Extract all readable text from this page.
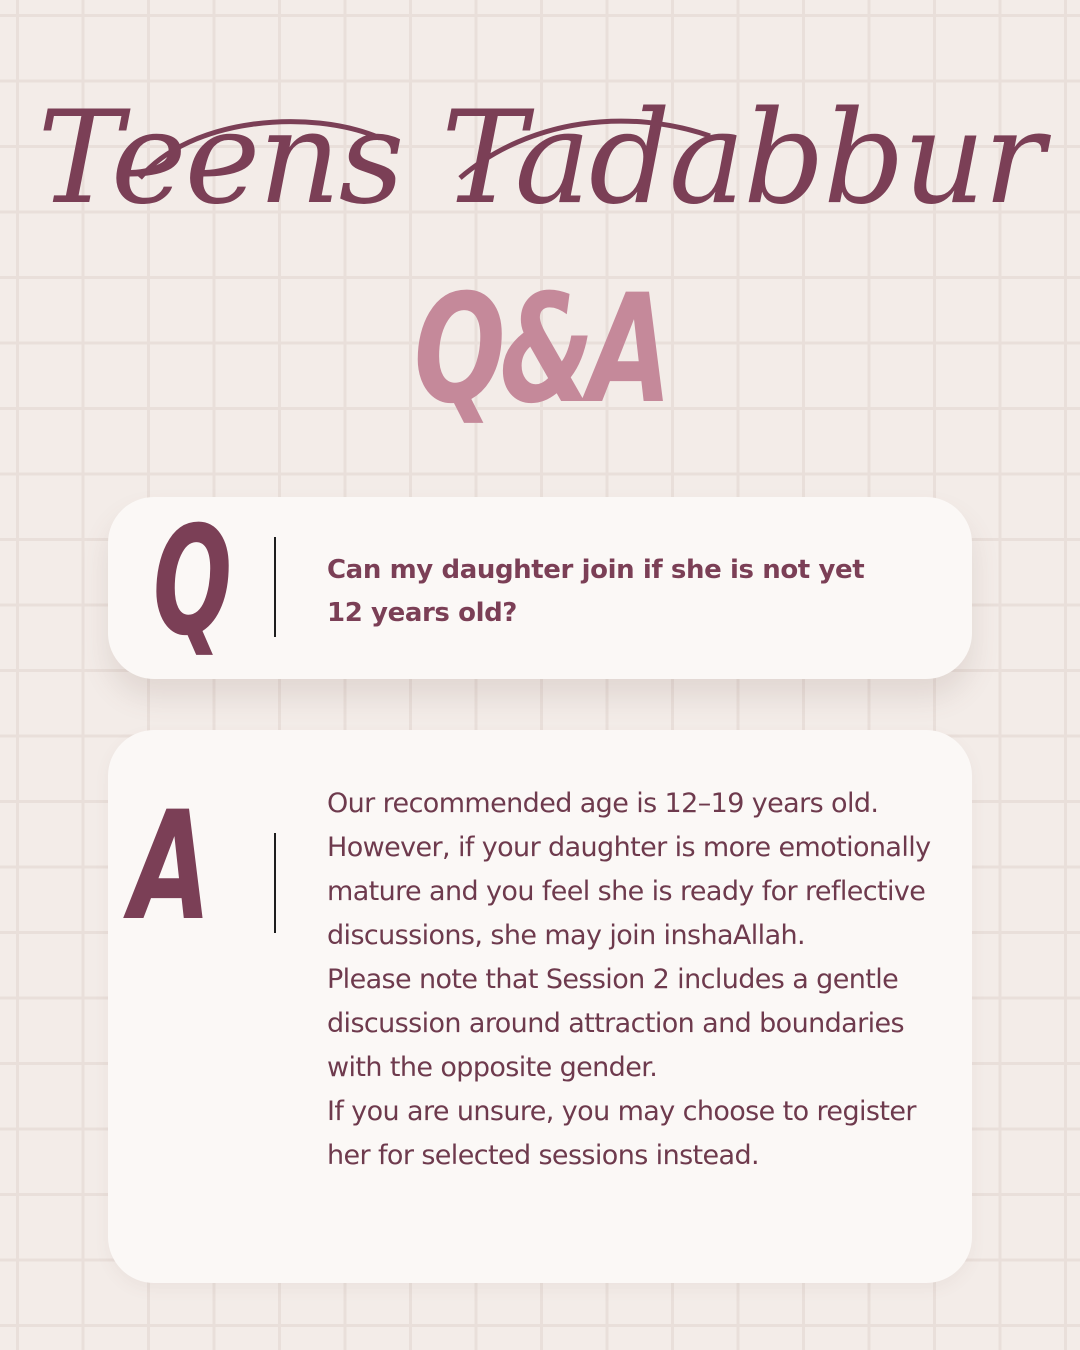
Teens Tadabbur
Q&A
Q	Can my daughter join if she is not yet 12 years old?
A	Our recommended age is 12–19 years old. However, if your daughter is more emotionally mature and you feel she is ready for reflective discussions, she may join inshaAllah.

Please note that Session 2 includes a gentle discussion around attraction and boundaries with the opposite gender.

If you are unsure, you may choose to register her for selected sessions instead.
